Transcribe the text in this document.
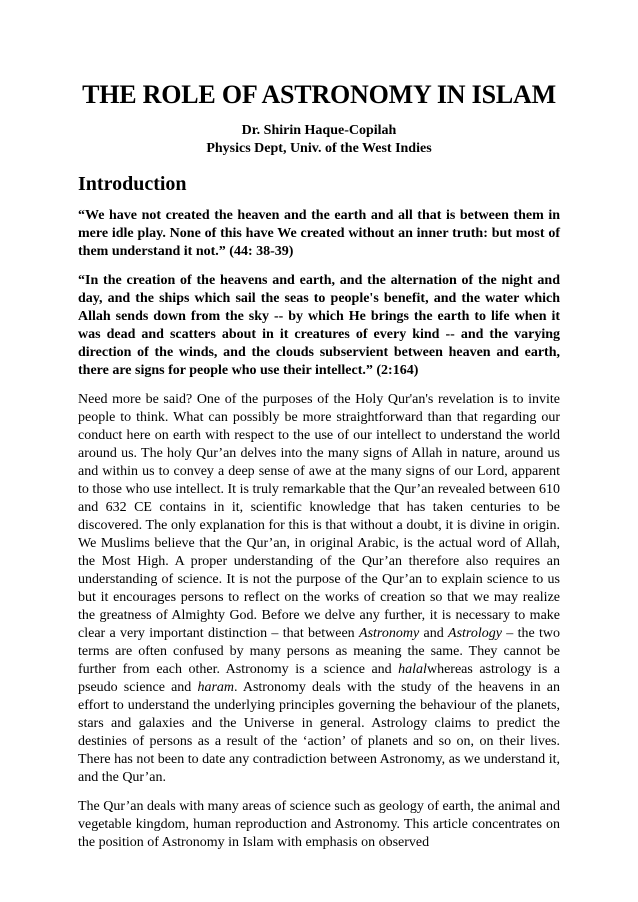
THE ROLE OF ASTRONOMY IN ISLAM
Dr. Shirin Haque-Copilah
Physics Dept, Univ. of the West Indies
Introduction

“We have not created the heaven and the earth and all that is between them in mere idle play. None of this have We created without an inner truth: but most of them understand it not.” (44: 38-39)

“In the creation of the heavens and earth, and the alternation of the night and day, and the ships which sail the seas to people's benefit, and the water which Allah sends down from the sky -- by which He brings the earth to life when it was dead and scatters about in it creatures of every kind -- and the varying direction of the winds, and the clouds subservient between heaven and earth, there are signs for people who use their intellect.” (2:164)

Need more be said? One of the purposes of the Holy Qur'an's revelation is to invite people to think. What can possibly be more straightforward than that regarding our conduct here on earth with respect to the use of our intellect to understand the world around us. The holy Qur’an delves into the many signs of Allah in nature, around us and within us to convey a deep sense of awe at the many signs of our Lord, apparent to those who use intellect. It is truly remarkable that the Qur’an revealed between 610 and 632 CE contains in it, scientific knowledge that has taken centuries to be discovered. The only explanation for this is that without a doubt, it is divine in origin. We Muslims believe that the Qur’an, in original Arabic, is the actual word of Allah, the Most High. A proper understanding of the Qur’an therefore also requires an understanding of science. It is not the purpose of the Qur’an to explain science to us but it encourages persons to reflect on the works of creation so that we may realize the greatness of Almighty God. Before we delve any further, it is necessary to make clear a very important distinction – that between Astronomy and Astrology – the two terms are often confused by many persons as meaning the same. They cannot be further from each other. Astronomy is a science and halalwhereas astrology is a pseudo science and haram. Astronomy deals with the study of the heavens in an effort to understand the underlying principles governing the behaviour of the planets, stars and galaxies and the Universe in general. Astrology claims to predict the destinies of persons as a result of the ‘action’ of planets and so on, on their lives. There has not been to date any contradiction between Astronomy, as we understand it, and the Qur’an.

The Qur’an deals with many areas of science such as geology of earth, the animal and vegetable kingdom, human reproduction and Astronomy. This article concentrates on the position of Astronomy in Islam with emphasis on observed
